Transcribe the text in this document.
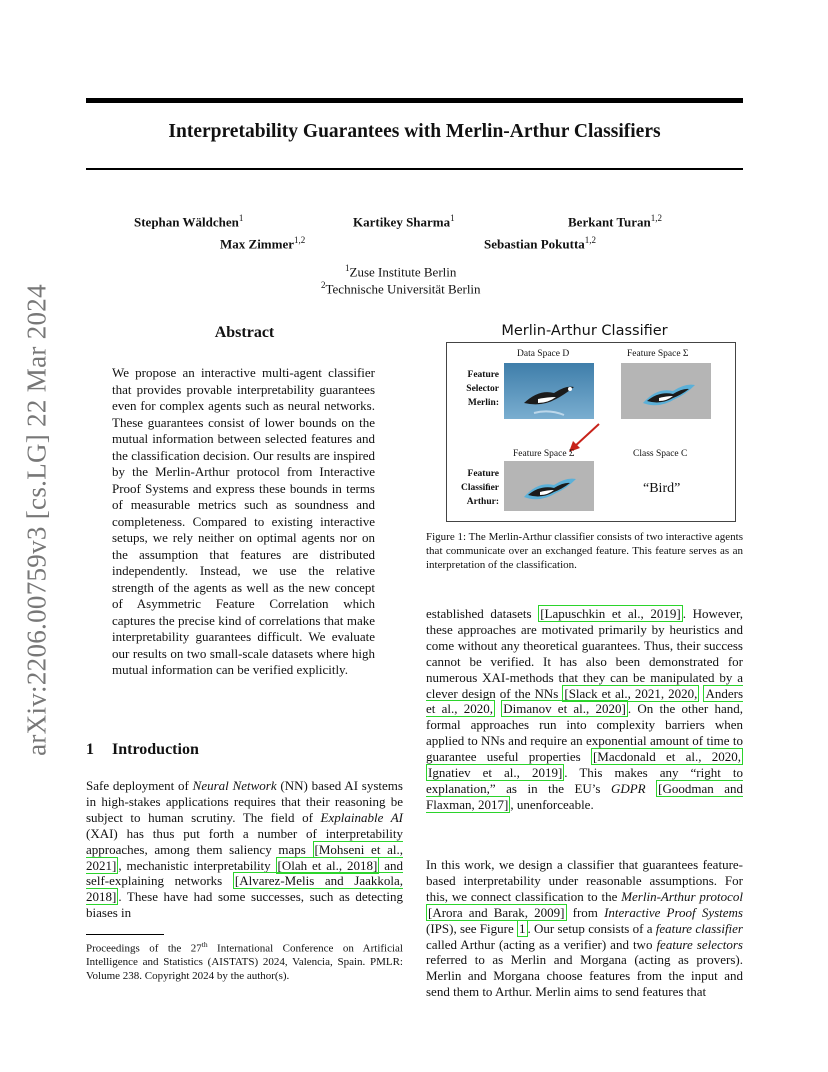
arXiv:2206.00759v3 [cs.LG] 22 Mar 2024
Interpretability Guarantees with Merlin-Arthur Classifiers
Stephan Wäldchen$^1$	Kartikey Sharma$^1$	Berkant Turan$^{1,2}$
Max Zimmer$^{1,2}$	Sebastian Pokutta$^{1,2}$
$^1$Zuse Institute Berlin
$^2$Technische Universität Berlin
Abstract
We propose an interactive multi-agent classifier that provides provable interpretability guarantees even for complex agents such as neural networks. These guarantees consist of lower bounds on the mutual information between selected features and the classification decision. Our results are inspired by the Merlin-Arthur protocol from Interactive Proof Systems and express these bounds in terms of measurable metrics such as soundness and completeness. Compared to existing interactive setups, we rely neither on optimal agents nor on the assumption that features are distributed independently. Instead, we use the relative strength of the agents as well as the new concept of Asymmetric Feature Correlation which captures the precise kind of correlations that make interpretability guarantees difficult. We evaluate our results on two small-scale datasets where high mutual information can be verified explicitly.
1 Introduction
Safe deployment of Neural Network (NN) based AI systems in high-stakes applications requires that their reasoning be subject to human scrutiny. The field of Explainable AI (XAI) has thus put forth a number of interpretability approaches, among them saliency maps [Mohseni et al., 2021] , mechanistic interpretability [Olah et al., 2018] and self-explaining networks [Alvarez-Melis and Jaakkola, 2018] . These have had some successes, such as detecting biases in
Proceedings of the 27th International Conference on Artificial Intelligence and Statistics (AISTATS) 2024, Valencia, Spain. PMLR: Volume 238. Copyright 2024 by the author(s).
Merlin-Arthur Classifier
Data Space D	Feature Space Σ
Feature
Selector
Merlin:
Feature Space Σ	Class Space C
Feature
Classiﬁer
Arthur:
“Bird”
Figure 1: The Merlin-Arthur classifier consists of two interactive agents that communicate over an exchanged feature. This feature serves as an interpretation of the classification.
established datasets [Lapuschkin et al., 2019] . However, these approaches are motivated primarily by heuristics and come without any theoretical guarantees. Thus, their success cannot be verified. It has also been demonstrated for numerous XAI-methods that they can be manipulated by a clever design of the NNs [Slack et al., 2021, 2020, Anders et al., 2020, Dimanov et al., 2020] . On the other hand, formal approaches run into complexity barriers when applied to NNs and require an exponential amount of time to guarantee useful properties [Macdonald et al., 2020, Ignatiev et al., 2019] . This makes any “right to explanation,” as in the EU’s GDPR [Goodman and Flaxman, 2017] , unenforceable.
In this work, we design a classifier that guarantees feature-based interpretability under reasonable assumptions. For this, we connect classification to the Merlin-Arthur protocol [Arora and Barak, 2009] from Interactive Proof Systems (IPS), see Figure 1 . Our setup consists of a feature classifier called Arthur (acting as a verifier) and two feature selectors referred to as Merlin and Morgana (acting as provers). Merlin and Morgana choose features from the input and send them to Arthur. Merlin aims to send features that
